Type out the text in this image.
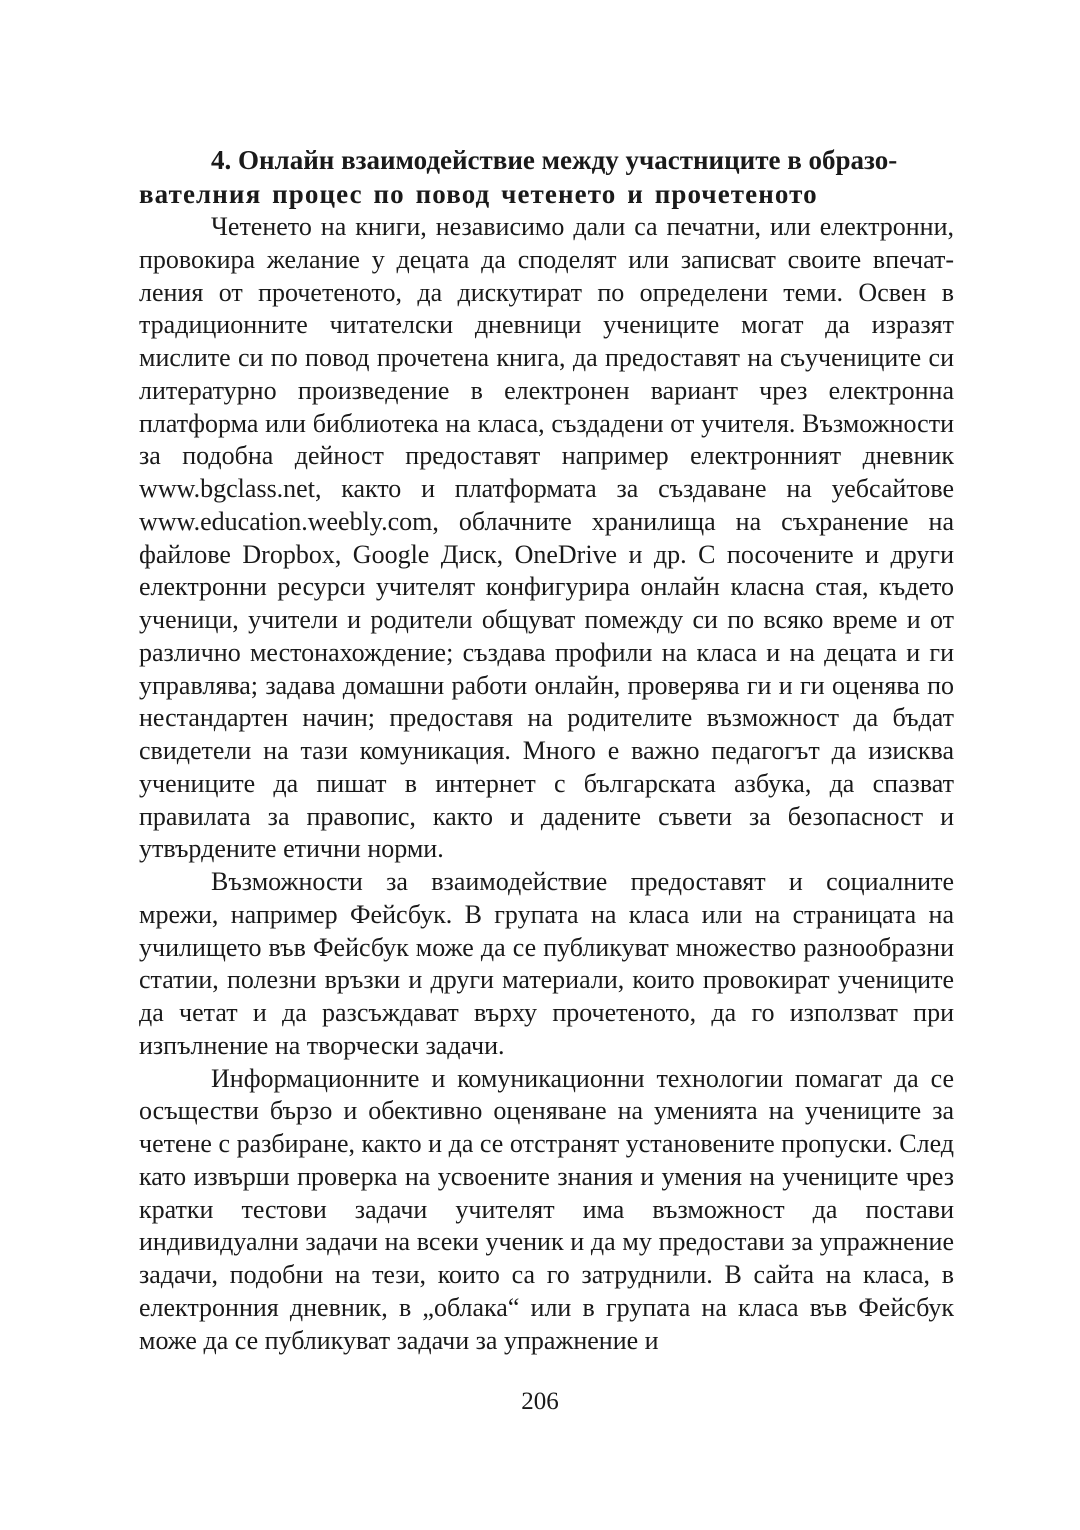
4. Онлайн взаимодействие между участниците в образо-
вателния процес по повод четенето и прочетеното

Четенето на книги, независимо дали са печатни, или електронни, провокира желание у децата да споделят или записват своите впечатления от прочетеното, да дискутират по определени теми. Освен в традиционните читателски дневници учениците могат да изразят мислите си по повод прочетена книга, да предоставят на съучениците си литературно произведение в електронен вариант чрез електронна платформа или библиотека на класа, създадени от учителя. Възможности за подобна дейност предоставят например електронният дневник www.bgclass.net, както и платформата за създаване на уебсайтове www.education.weebly.com, облачните хранилища на съхранение на файлове Dropbox, Google Диск, OneDrive и др. С посочените и други електронни ресурси учителят конфигурира онлайн класна стая, където ученици, учители и родители общуват помежду си по всяко време и от различно местонахождение; създава профили на класа и на децата и ги управлява; задава домашни работи онлайн, проверява ги и ги оценява по нестандартен начин; предоставя на родителите възможност да бъдат свидетели на тази комуникация. Много е важно педагогът да изисква учениците да пишат в интернет с българската азбука, да спазват правилата за правопис, както и дадените съвети за безопасност и утвърдените етични норми.

Възможности за взаимодействие предоставят и социалните мрежи, например Фейсбук. В групата на класа или на страницата на училището във Фейсбук може да се публикуват множество разнообразни статии, полезни връзки и други материали, които провокират учениците да четат и да разсъждават върху прочетеното, да го използват при изпълнение на творчески задачи.

Информационните и комуникационни технологии помагат да се осъществи бързо и обективно оценяване на уменията на учениците за четене с разбиране, както и да се отстранят установените пропуски. След като извърши проверка на усвоените знания и умения на учениците чрез кратки тестови задачи учителят има възможност да постави индивидуални задачи на всеки ученик и да му предостави за упражнение задачи, подобни на тези, които са го затруднили. В сайта на класа, в електронния дневник, в „облака“ или в групата на класа във Фейсбук може да се публикуват задачи за упражнение и

206
